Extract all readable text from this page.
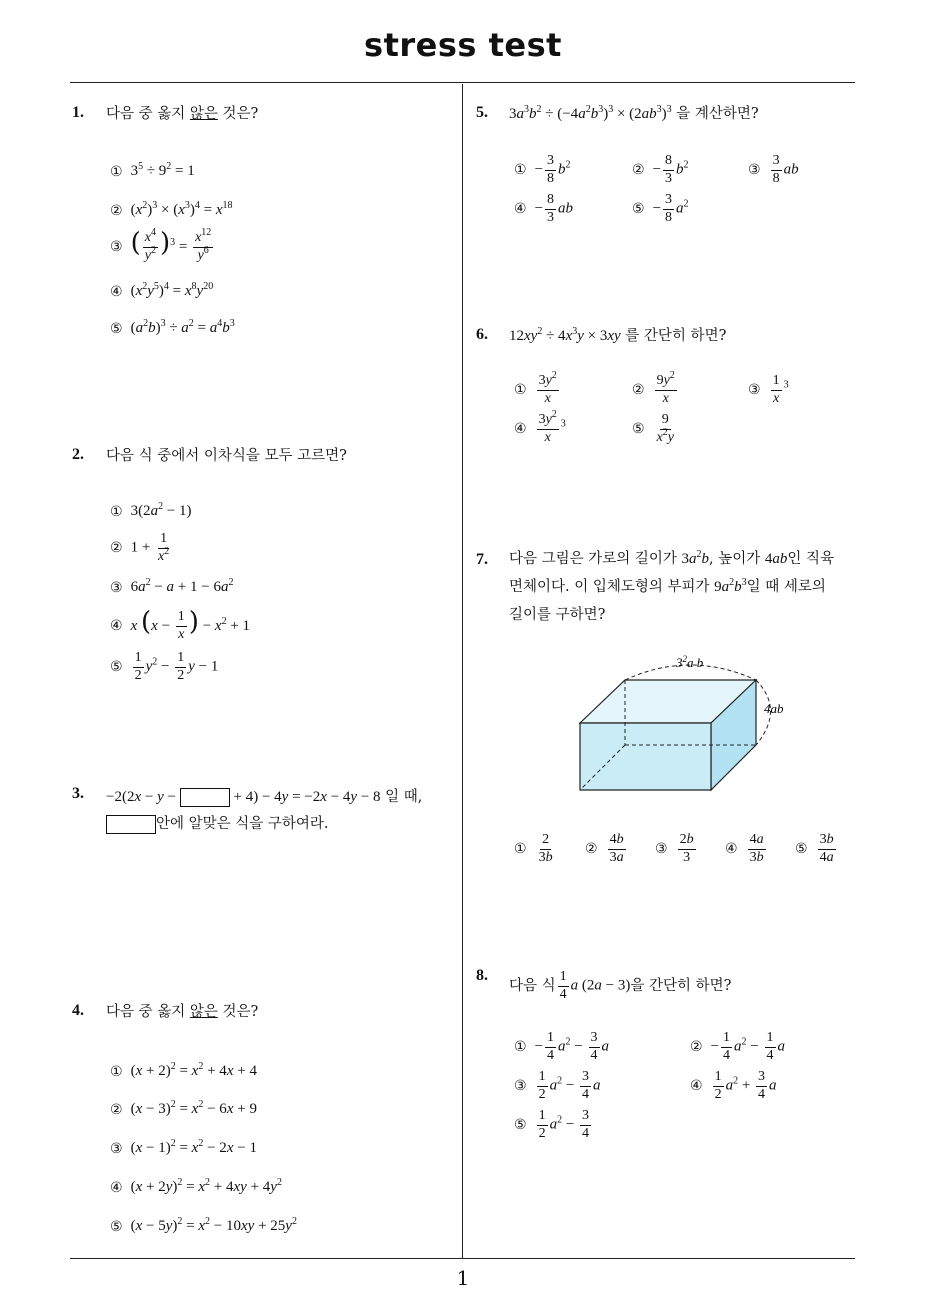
stress test
1
1. 다음 중 옳지 않은 것은?
① $3^5 \div 9^2 = 1$
② $(x^2)^3 \times (x^3)^4 = x^{18}$
③ ( $\frac{x^4}{y^2} )^3 = \frac{x^{12}}{y^6}$
④ $(x^2y^5)^4 = x^8y^{20}$
⑤ $(a^2b)^3 \div a^2 = a^4b^3$
2. 다음 식 중에서 이차식을 모두 고르면?
① $3(2a^2 - 1)$
② $1 + \frac{1}{x^2}$
③ $6a^2 - a + 1 - 6a^2$
④ x ($x - \frac{1}{x}$ ) − $x^2 + 1$
⑤ $\frac{1}{2} y^2 - \frac{1}{2}$ y − 1
3. −2(2x − y −	+ 4) − 4y = −2x − 4y − 8 일 때,
안에 알맞은 식을 구하여라.
4. 다음 중 옳지 않은 것은?
① $(x + 2)^2 = x^2 + 4x + 4$
② $(x - 3)^2 = x^2 - 6x + 9$
③ $(x - 1)^2 = x^2 - 2x - 1$
④ $(x + 2y)^2 = x^2 + 4xy + 4y^2$
⑤ $(x - 5y)^2 = x^2 - 10xy + 25y^2$
5. $3a^3b^2 \div (-4a^2b^3)^3 \times (2ab^3)^3$ 을 계산하면?
① − $\frac{3}{8} b^2$	② − $\frac{8}{3} b^2$	③ $\frac{3}{8}$ ab
④ − $\frac{8}{3}$ ab	⑤ − $\frac{3}{8} a^2$
6. $12xy^2 \div 4x^3y \times 3xy$ 를 간단히 하면?
① $\frac{3y^2}{x}$	② $\frac{9y^2}{x}$	③ $\frac{1}{x} ^3$
④ $\frac{3y^2}{x} ^3$	⑤ $\frac{9}{x^2y}$
7. 다음 그림은 가로의 길이가 $3a^2b$, 높이가 4ab인 직육
면체이다. 이 입체도형의 부피가 $9a^2b^3$일 때 세로의
길이를 구하면?
$3^2a$ b
4ab
① $\frac{2}{3b}$ ② $\frac{4b}{3a}$ ③ $\frac{2b}{3}$ ④ $\frac{4a}{3b}$ ⑤ $\frac{3b}{4a}$
8.
다음 식 $\frac{1}{4}$ a (2a − 3) 을 간단히 하면?
① − $\frac{1}{4} a^2 - \frac{3}{4}$ a	② − $\frac{1}{4} a^2 - \frac{1}{4}$ a
③ $\frac{1}{2} a^2 - \frac{3}{4}$ a	④ $\frac{1}{2} a^2 + \frac{3}{4}$ a
⑤ $\frac{1}{2} a^2 - \frac{3}{4}$
